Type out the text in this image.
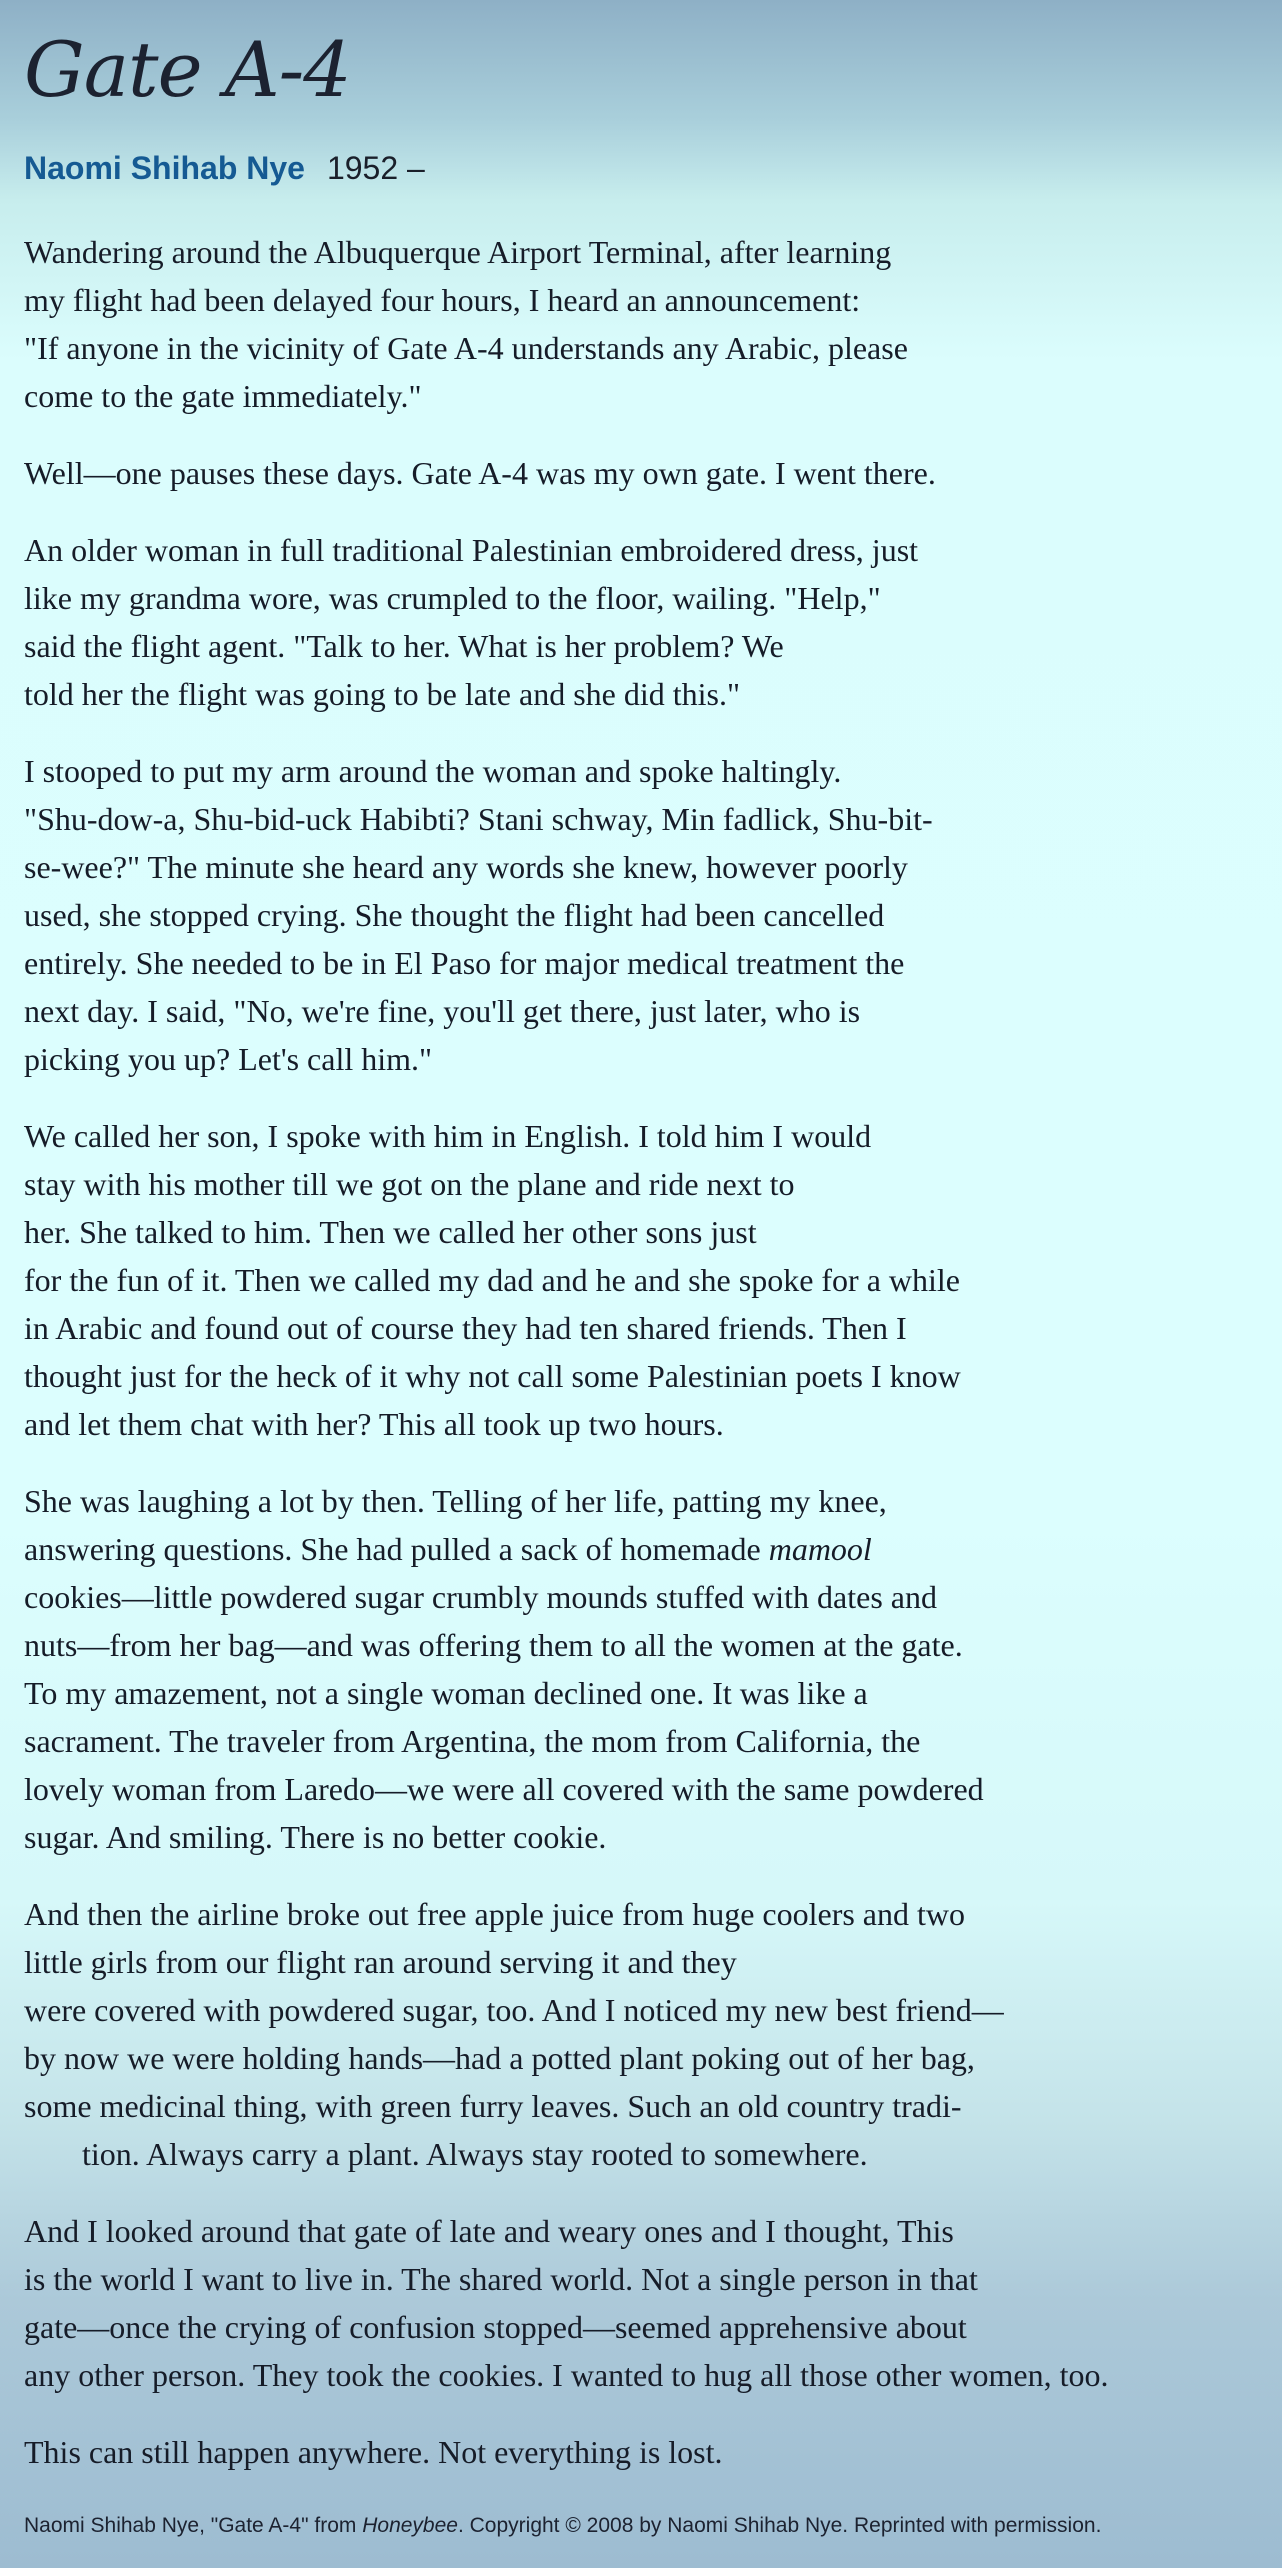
Gate A-4
Naomi Shihab Nye 1952 –

Wandering around the Albuquerque Airport Terminal, after learning
my flight had been delayed four hours, I heard an announcement:
"If anyone in the vicinity of Gate A-4 understands any Arabic, please
come to the gate immediately."

Well—one pauses these days. Gate A-4 was my own gate. I went there.

An older woman in full traditional Palestinian embroidered dress, just
like my grandma wore, was crumpled to the floor, wailing. "Help,"
said the flight agent. "Talk to her. What is her problem? We
told her the flight was going to be late and she did this."

I stooped to put my arm around the woman and spoke haltingly.
"Shu-dow-a, Shu-bid-uck Habibti? Stani schway, Min fadlick, Shu-bit-
se-wee?" The minute she heard any words she knew, however poorly
used, she stopped crying. She thought the flight had been cancelled
entirely. She needed to be in El Paso for major medical treatment the
next day. I said, "No, we're fine, you'll get there, just later, who is
picking you up? Let's call him."

We called her son, I spoke with him in English. I told him I would
stay with his mother till we got on the plane and ride next to
her. She talked to him. Then we called her other sons just
for the fun of it. Then we called my dad and he and she spoke for a while
in Arabic and found out of course they had ten shared friends. Then I
thought just for the heck of it why not call some Palestinian poets I know
and let them chat with her? This all took up two hours.

She was laughing a lot by then. Telling of her life, patting my knee,
answering questions. She had pulled a sack of homemade mamool
cookies—little powdered sugar crumbly mounds stuffed with dates and
nuts—from her bag—and was offering them to all the women at the gate.
To my amazement, not a single woman declined one. It was like a
sacrament. The traveler from Argentina, the mom from California, the
lovely woman from Laredo—we were all covered with the same powdered
sugar. And smiling. There is no better cookie.

And then the airline broke out free apple juice from huge coolers and two
little girls from our flight ran around serving it and they
were covered with powdered sugar, too. And I noticed my new best friend—
by now we were holding hands—had a potted plant poking out of her bag,
some medicinal thing, with green furry leaves. Such an old country tradi-
tion. Always carry a plant. Always stay rooted to somewhere.

And I looked around that gate of late and weary ones and I thought, This
is the world I want to live in. The shared world. Not a single person in that
gate—once the crying of confusion stopped—seemed apprehensive about
any other person. They took the cookies. I wanted to hug all those other women, too.

This can still happen anywhere. Not everything is lost.

Naomi Shihab Nye, "Gate A-4" from Honeybee. Copyright © 2008 by Naomi Shihab Nye. Reprinted with permission.
